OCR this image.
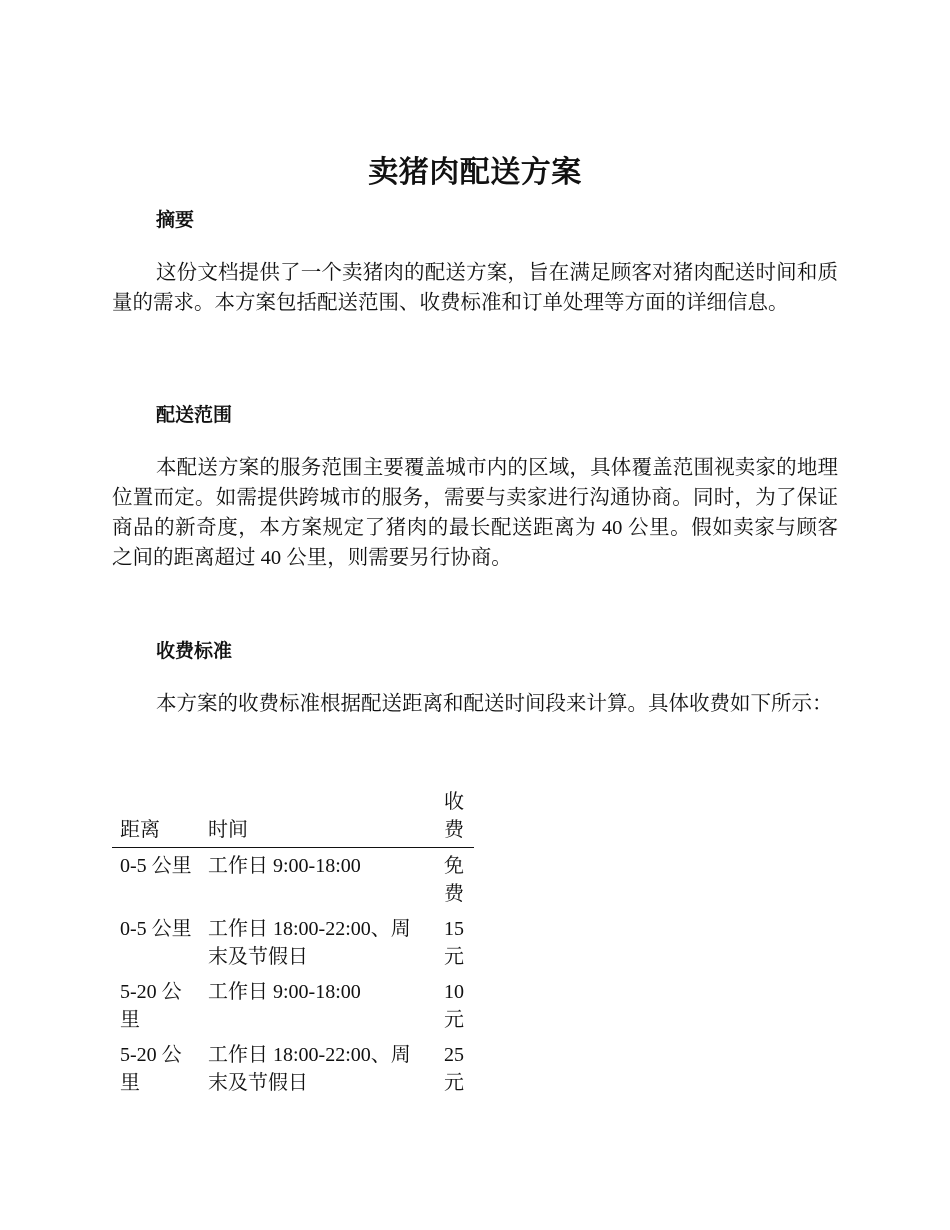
卖猪肉配送方案

摘要

这份文档提供了一个卖猪肉的配送方案，旨在满足顾客对猪肉配送时间和质量的需求。本方案包括配送范围、收费标准和订单处理等方面的详细信息。

配送范围

本配送方案的服务范围主要覆盖城市内的区域，具体覆盖范围视卖家的地理位置而定。如需提供跨城市的服务，需要与卖家进行沟通协商。同时，为了保证商品的新奇度，本方案规定了猪肉的最长配送距离为 40 公里。假如卖家与顾客之间的距离超过 40 公里，则需要另行协商。

收费标准

本方案的收费标准根据配送距离和配送时间段来计算。具体收费如下所示：

距离	时间	收费
0-5 公里	工作日 9:00-18:00	免费
0-5 公里	工作日 18:00-22:00、周末及节假日	15 元
5-20 公里	工作日 9:00-18:00	10 元
5-20 公里	工作日 18:00-22:00、周末及节假日	25 元
